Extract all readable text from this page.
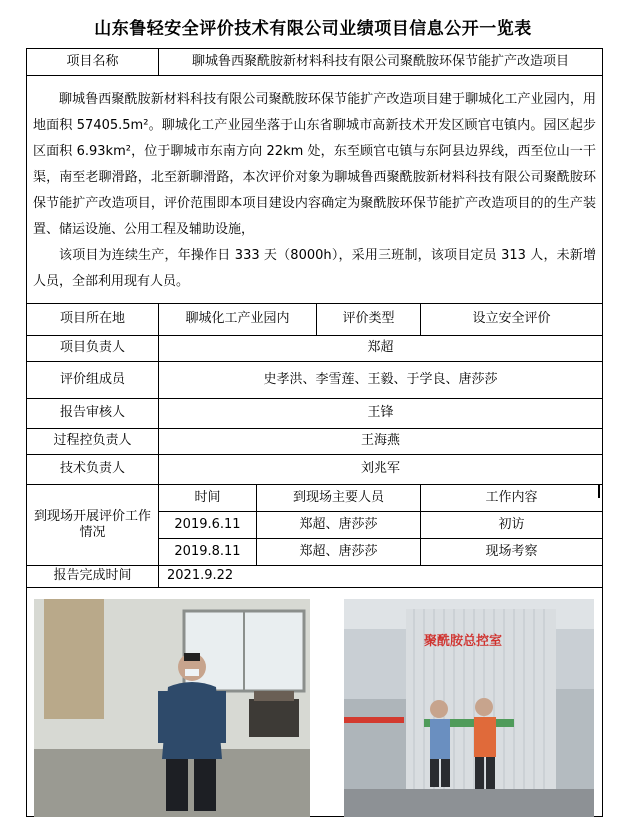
山东鲁轻安全评价技术有限公司业绩项目信息公开一览表
项目名称	聊城鲁西聚酰胺新材料科技有限公司聚酰胺环保节能扩产改造项目			

聊城鲁西聚酰胺新材料科技有限公司聚酰胺环保节能扩产改造项目建于聊城化工产业园内，用地面积 57405.5m²。聊城化工产业园坐落于山东省聊城市高新技术开发区顾官屯镇内。园区起步区面积 6.93km²，位于聊城市东南方向 22km 处，东至顾官屯镇与东阿县边界线，西至位山一干渠，南至老聊滑路，北至新聊滑路，本次评价对象为聊城鲁西聚酰胺新材料科技有限公司聚酰胺环保节能扩产改造项目，评价范围即本项目建设内容确定为聚酰胺环保节能扩产改造项目的的生产装置、储运设施、公用工程及辅助设施，

该项目为连续生产，年操作日 333 天（8000h），采用三班制，该项目定员 313 人，未新增人员，全部利用现有人员。				

项目所在地	聊城化工产业园内		评价类型	设立安全评价
项目负责人	郑超			
评价组成员	史孝洪、李雪莲、王毅、于学良、唐莎莎			
报告审核人	王锋			
过程控负责人	王海燕			
技术负责人	刘兆军			
到现场开展评价工作情况	时间	到现场主要人员		工作内容
	2019.6.11	郑超、唐莎莎		初访
	2019.8.11	郑超、唐莎莎		现场考察
报告完成时间	2021.9.22			

聚酰胺总控室
